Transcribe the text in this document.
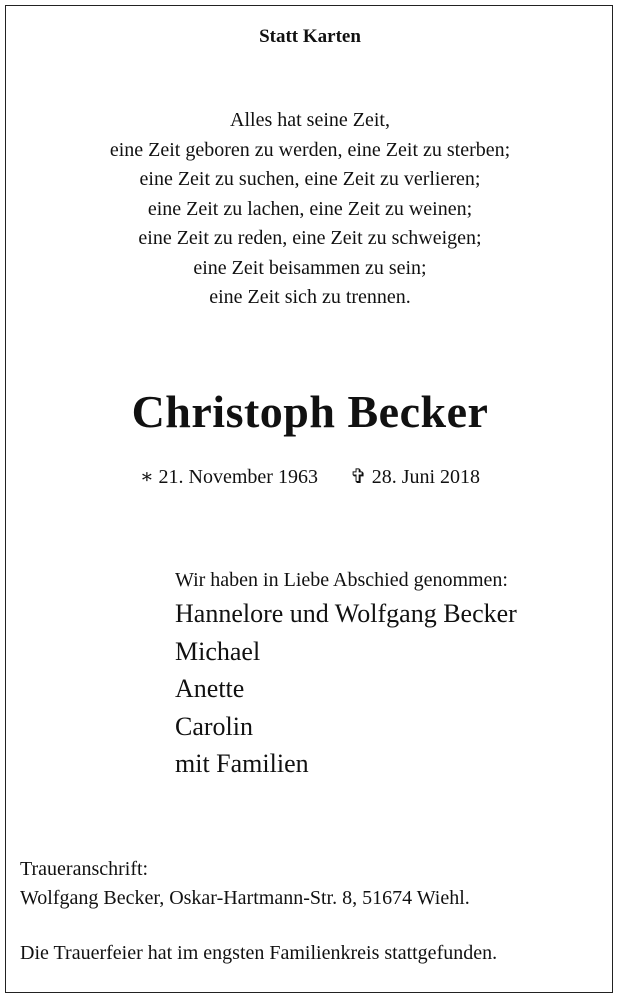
Statt Karten
Alles hat seine Zeit,
eine Zeit geboren zu werden, eine Zeit zu sterben;
eine Zeit zu suchen, eine Zeit zu verlieren;
eine Zeit zu lachen, eine Zeit zu weinen;
eine Zeit zu reden, eine Zeit zu schweigen;
eine Zeit beisammen zu sein;
eine Zeit sich zu trennen.
Christoph Becker
∗ 21. November 1963 ✞ 28. Juni 2018
Wir haben in Liebe Abschied genommen:
Hannelore und Wolfgang Becker
Michael
Anette
Carolin
mit Familien
Traueranschrift:
Wolfgang Becker, Oskar-Hartmann-Str. 8, 51674 Wiehl.
Die Trauerfeier hat im engsten Familienkreis stattgefunden.
